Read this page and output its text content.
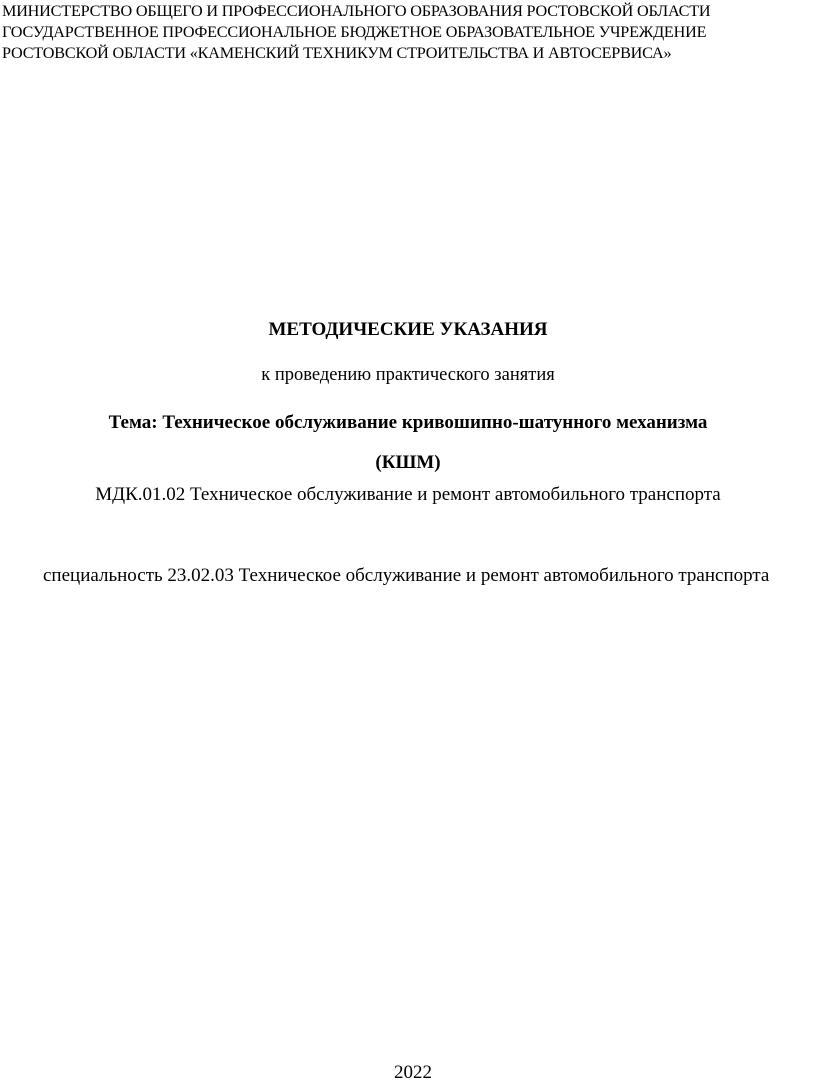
МИНИСТЕРСТВО ОБЩЕГО И ПРОФЕССИОНАЛЬНОГО ОБРАЗОВАНИЯ РОСТОВСКОЙ ОБЛАСТИ
ГОСУДАРСТВЕННОЕ ПРОФЕССИОНАЛЬНОЕ БЮДЖЕТНОЕ ОБРАЗОВАТЕЛЬНОЕ УЧРЕЖДЕНИЕ
РОСТОВСКОЙ ОБЛАСТИ «КАМЕНСКИЙ ТЕХНИКУМ СТРОИТЕЛЬСТВА И АВТОСЕРВИСА»
МЕТОДИЧЕСКИЕ УКАЗАНИЯ
к проведению практического занятия
Тема: Техническое обслуживание кривошипно-шатунного механизма
(КШМ)
МДК.01.02 Техническое обслуживание и ремонт автомобильного транспорта
специальность 23.02.03 Техническое обслуживание и ремонт автомобильного транспорта
2022
